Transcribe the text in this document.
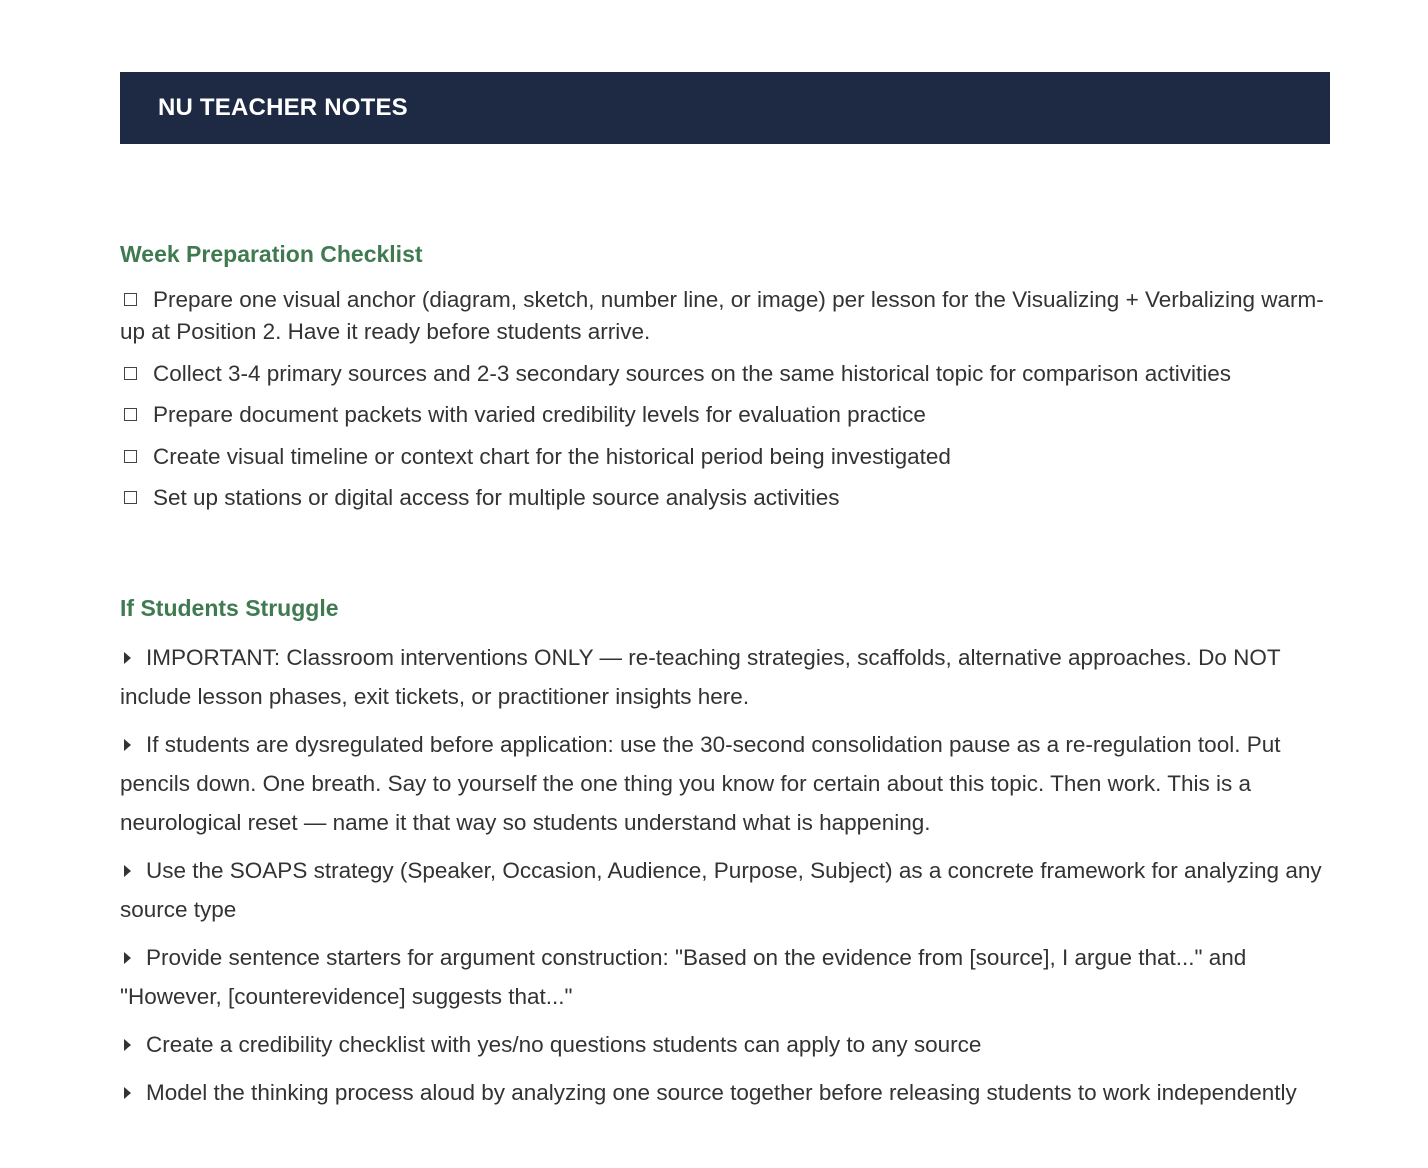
NU TEACHER NOTES
Week Preparation Checklist
Prepare one visual anchor (diagram, sketch, number line, or image) per lesson for the Visualizing + Verbalizing warm-up at Position 2. Have it ready before students arrive.
Collect 3-4 primary sources and 2-3 secondary sources on the same historical topic for comparison activities
Prepare document packets with varied credibility levels for evaluation practice
Create visual timeline or context chart for the historical period being investigated
Set up stations or digital access for multiple source analysis activities
If Students Struggle
IMPORTANT: Classroom interventions ONLY — re-teaching strategies, scaffolds, alternative approaches. Do NOT include lesson phases, exit tickets, or practitioner insights here.
If students are dysregulated before application: use the 30-second consolidation pause as a re-regulation tool. Put pencils down. One breath. Say to yourself the one thing you know for certain about this topic. Then work. This is a neurological reset — name it that way so students understand what is happening.
Use the SOAPS strategy (Speaker, Occasion, Audience, Purpose, Subject) as a concrete framework for analyzing any source type
Provide sentence starters for argument construction: "Based on the evidence from [source], I argue that..." and "However, [counterevidence] suggests that..."
Create a credibility checklist with yes/no questions students can apply to any source
Model the thinking process aloud by analyzing one source together before releasing students to work independently
